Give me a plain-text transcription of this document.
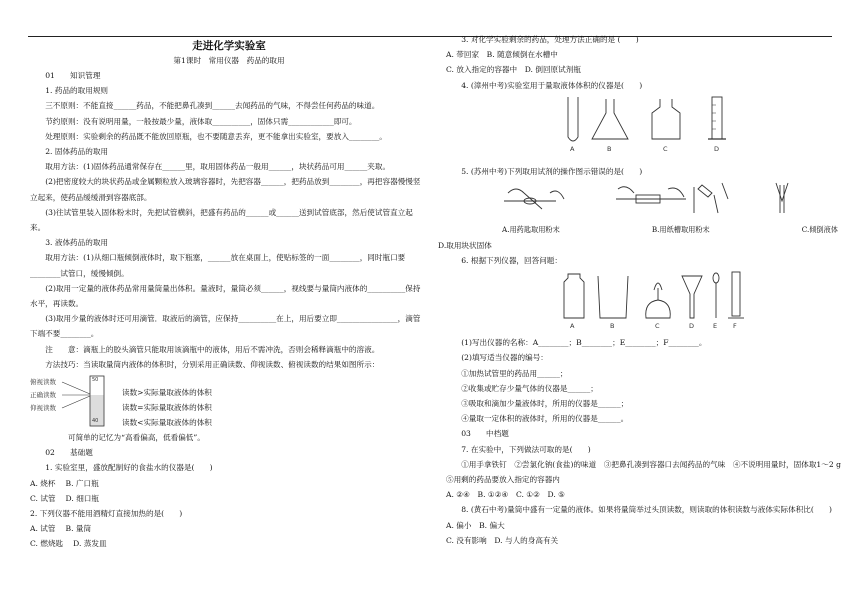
走进化学实验室

第1课时　常用仪器　药品的取用

01　　知识管理

1. 药品的取用规则

三不原则：不能直接______药品，不能把鼻孔凑到______去闻药品的气味，不得尝任何药品的味道。

节约原则：没有说明用量，一般按最少量，液体取__________，固体只需____________即可。

处理原则：实验剩余的药品既不能放回原瓶，也不要随意丢弃，更不能拿出实验室，要放入________。

2. 固体药品的取用

取用方法：(1)固体药品通常保存在______里，取用固体药品一般用______，块状药品可用______夹取。

(2)把密度较大的块状药品或金属颗粒放入玻璃容器时，先把容器______，把药品放到________，再把容器慢慢竖立起来，使药品缓缓滑到容器底部。

(3)往试管里装入固体粉末时，先把试管横斜，把盛有药品的______或______送到试管底部，然后使试管直立起来。

3. 液体药品的取用

取用方法：(1)从细口瓶倾倒液体时，取下瓶塞，______放在桌面上，使贴标签的一面________，同时瓶口要________试管口，缓慢倾倒。

(2)取用一定量的液体药品常用量筒量出体积。量液时，量筒必须______，视线要与量筒内液体的__________保持水平，再读数。

(3)取用少量的液体时还可用滴管．取液后的滴管，应保持__________在上，用后要立即________________，滴管下端不要________。

注　　意：滴瓶上的胶头滴管只能取用该滴瓶中的液体，用后不需冲洗，否则会稀释滴瓶中的溶液。

方法技巧：当读取量筒内液体的体积时，分别采用正确读数、仰视读数、俯视读数的结果如图所示：

俯视读数
正确读数
仰视读数
50
40
读数>实际量取液体的体积
读数=实际量取液体的体积
读数<实际量取液体的体积

可简单的记忆为“高看偏高，低看偏低”。

02　　基础题

1. 实验室里，盛放配制好的食盐水的仪器是(　　)

A. 烧杯　 B. 广口瓶

C. 试管　 D. 细口瓶

2. 下列仪器不能用酒精灯直接加热的是(　　)

A. 试管　 B. 量筒

C. 燃烧匙　 D. 蒸发皿

3. 对化学实验剩余的药品，处理方法正确的是 (　　)

A. 带回家　B. 随意倾倒在水槽中

C. 放入指定的容器中　D. 倒回原试剂瓶

4. (漳州中考)实验室用于量取液体体积的仪器是(　　)

A	B	C	D

5. (苏州中考)下列取用试剂的操作图示错误的是(　　)

A.用药匙取用粉末	B.用纸槽取用粉末	C.倾倒液体

D.取用块状固体

6. 根据下列仪器，回答问题：

A	B	C	D	E F

(1)写出仪器的名称：A________；B________；E________；F________。

(2)填写适当仪器的编号：

①加热试管里的药品用______；

②收集或贮存少量气体的仪器是______；

③吸取和滴加少量液体时，所用的仪器是______；

④量取一定体积的液体时，所用的仪器是______。

03　　中档题

7. 在实验中，下列做法可取的是(　　)

①用手拿铁钉　②尝氯化钠(食盐)的味道　③把鼻孔凑到容器口去闻药品的气味　④不说明用量时，固体取1～2 g　⑤用剩的药品要放入指定的容器内

A. ②④　B. ①②④　C. ①②　D. ⑤

8. (黄石中考)量筒中盛有一定量的液体。如果将量筒举过头顶读数，则读取的体积读数与液体实际体积比(　　)

A. 偏小　B. 偏大

C. 没有影响　D. 与人的身高有关
